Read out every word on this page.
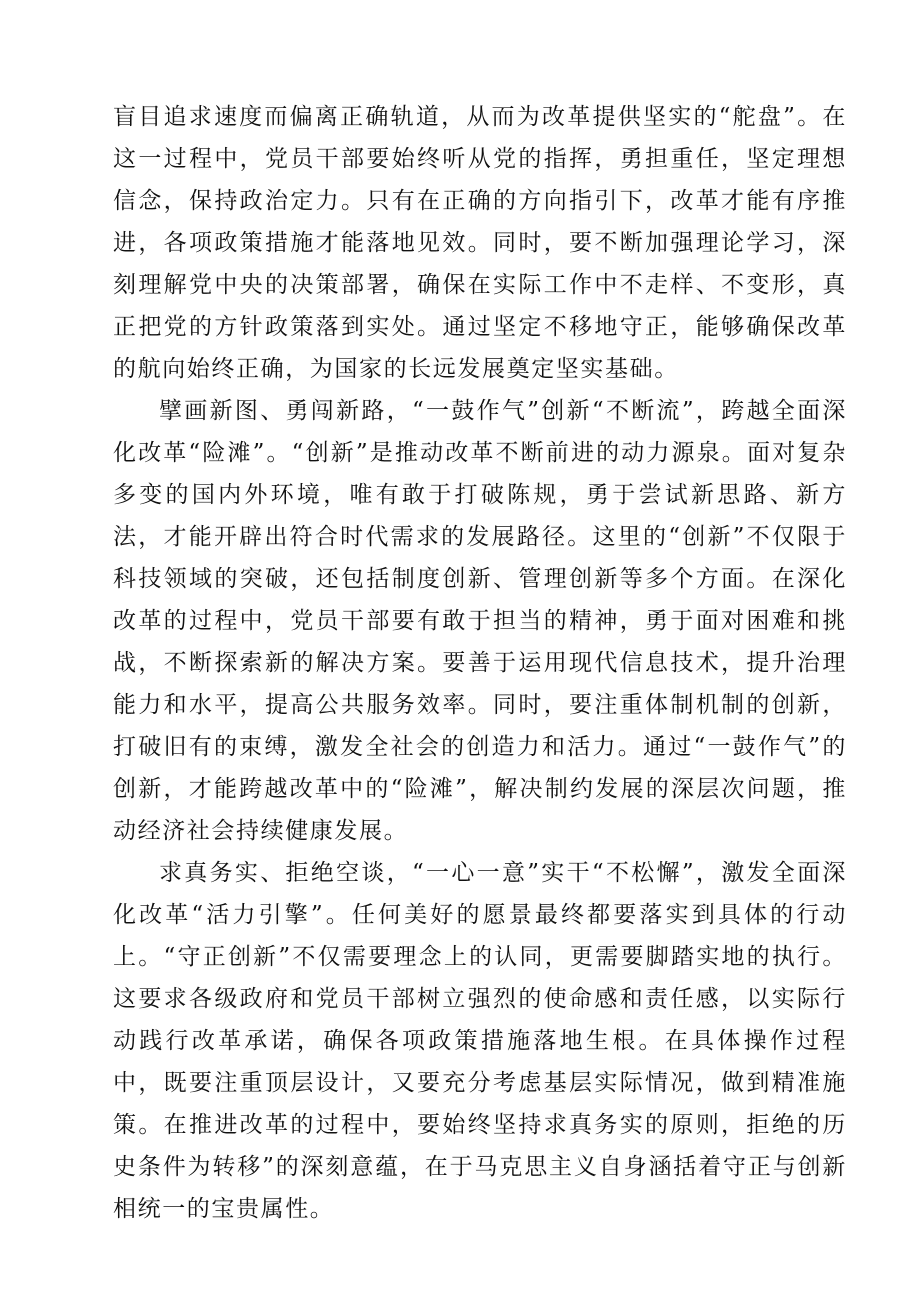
盲目追求速度而偏离正确轨道，从而为改革提供坚实的“舵盘”。在这一过程中，党员干部要始终听从党的指挥，勇担重任，坚定理想信念，保持政治定力。只有在正确的方向指引下，改革才能有序推进，各项政策措施才能落地见效。同时，要不断加强理论学习，深刻理解党中央的决策部署，确保在实际工作中不走样、不变形，真正把党的方针政策落到实处。通过坚定不移地守正，能够确保改革的航向始终正确，为国家的长远发展奠定坚实基础。

擘画新图、勇闯新路，“一鼓作气”创新“不断流”，跨越全面深化改革“险滩”。“创新”是推动改革不断前进的动力源泉。面对复杂多变的国内外环境，唯有敢于打破陈规，勇于尝试新思路、新方法，才能开辟出符合时代需求的发展路径。这里的“创新”不仅限于科技领域的突破，还包括制度创新、管理创新等多个方面。在深化改革的过程中，党员干部要有敢于担当的精神，勇于面对困难和挑战，不断探索新的解决方案。要善于运用现代信息技术，提升治理能力和水平，提高公共服务效率。同时，要注重体制机制的创新，打破旧有的束缚，激发全社会的创造力和活力。通过“一鼓作气”的创新，才能跨越改革中的“险滩”，解决制约发展的深层次问题，推动经济社会持续健康发展。

求真务实、拒绝空谈，“一心一意”实干“不松懈”，激发全面深化改革“活力引擎”。任何美好的愿景最终都要落实到具体的行动上。“守正创新”不仅需要理念上的认同，更需要脚踏实地的执行。这要求各级政府和党员干部树立强烈的使命感和责任感，以实际行动践行改革承诺，确保各项政策措施落地生根。在具体操作过程中，既要注重顶层设计，又要充分考虑基层实际情况，做到精准施策。在推进改革的过程中，要始终坚持求真务实的原则，拒绝的历史条件为转移”的深刻意蕴，在于马克思主义自身涵括着守正与创新相统一的宝贵属性。
